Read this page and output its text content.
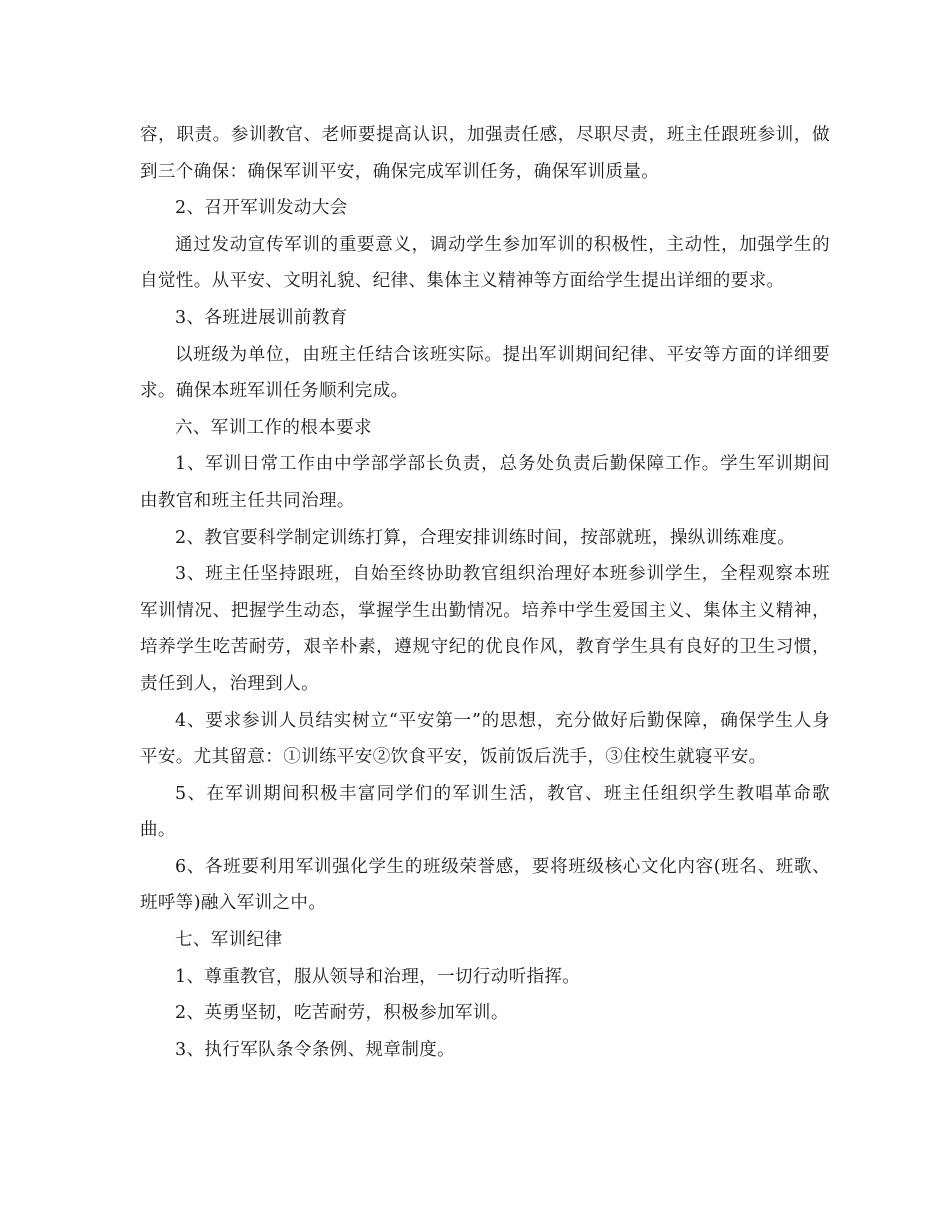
容，职责。参训教官、老师要提高认识，加强责任感，尽职尽责，班主任跟班参训，做到三个确保：确保军训平安，确保完成军训任务，确保军训质量。

2、召开军训发动大会

通过发动宣传军训的重要意义，调动学生参加军训的积极性，主动性，加强学生的自觉性。从平安、文明礼貌、纪律、集体主义精神等方面给学生提出详细的要求。

3、各班进展训前教育

以班级为单位，由班主任结合该班实际。提出军训期间纪律、平安等方面的详细要求。确保本班军训任务顺利完成。

六、军训工作的根本要求

1、军训日常工作由中学部学部长负责，总务处负责后勤保障工作。学生军训期间由教官和班主任共同治理。

2、教官要科学制定训练打算，合理安排训练时间，按部就班，操纵训练难度。

3、班主任坚持跟班，自始至终协助教官组织治理好本班参训学生，全程观察本班军训情况、把握学生动态，掌握学生出勤情况。培养中学生爱国主义、集体主义精神，培养学生吃苦耐劳，艰辛朴素，遵规守纪的优良作风，教育学生具有良好的卫生习惯，责任到人，治理到人。

4、要求参训人员结实树立“平安第一”的思想，充分做好后勤保障，确保学生人身平安。尤其留意：①训练平安②饮食平安，饭前饭后洗手，③住校生就寝平安。

5、在军训期间积极丰富同学们的军训生活，教官、班主任组织学生教唱革命歌曲。

6、各班要利用军训强化学生的班级荣誉感，要将班级核心文化内容(班名、班歌、班呼等)融入军训之中。

七、军训纪律

1、尊重教官，服从领导和治理，一切行动听指挥。

2、英勇坚韧，吃苦耐劳，积极参加军训。

3、执行军队条令条例、规章制度。
